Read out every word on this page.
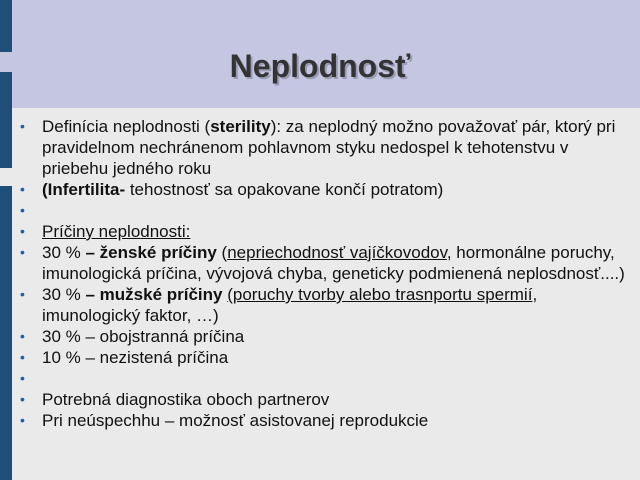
Neplodnosť
• Definícia neplodnosti (sterility): za neplodný možno považovať pár, ktorý pri pravidelnom nechránenom pohlavnom styku nedospel k tehotenstvu v priebehu jedného roku
• (Infertilita- tehostnosť sa opakovane končí potratom)
•

• Príčiny neplodnosti:
• 30 % – ženské príčiny (nepriechodnosť vajíčkovodov, hormonálne poruchy, imunologická príčina, vývojová chyba, geneticky podmienená neplosdnosť....)
• 30 % – mužské príčiny (poruchy tvorby alebo trasnportu spermií, imunologický faktor, …)
• 30 % – obojstranná príčina
• 10 % – nezistená príčina
•

• Potrebná diagnostika oboch partnerov
• Pri neúspechhu – možnosť asistovanej reprodukcie
